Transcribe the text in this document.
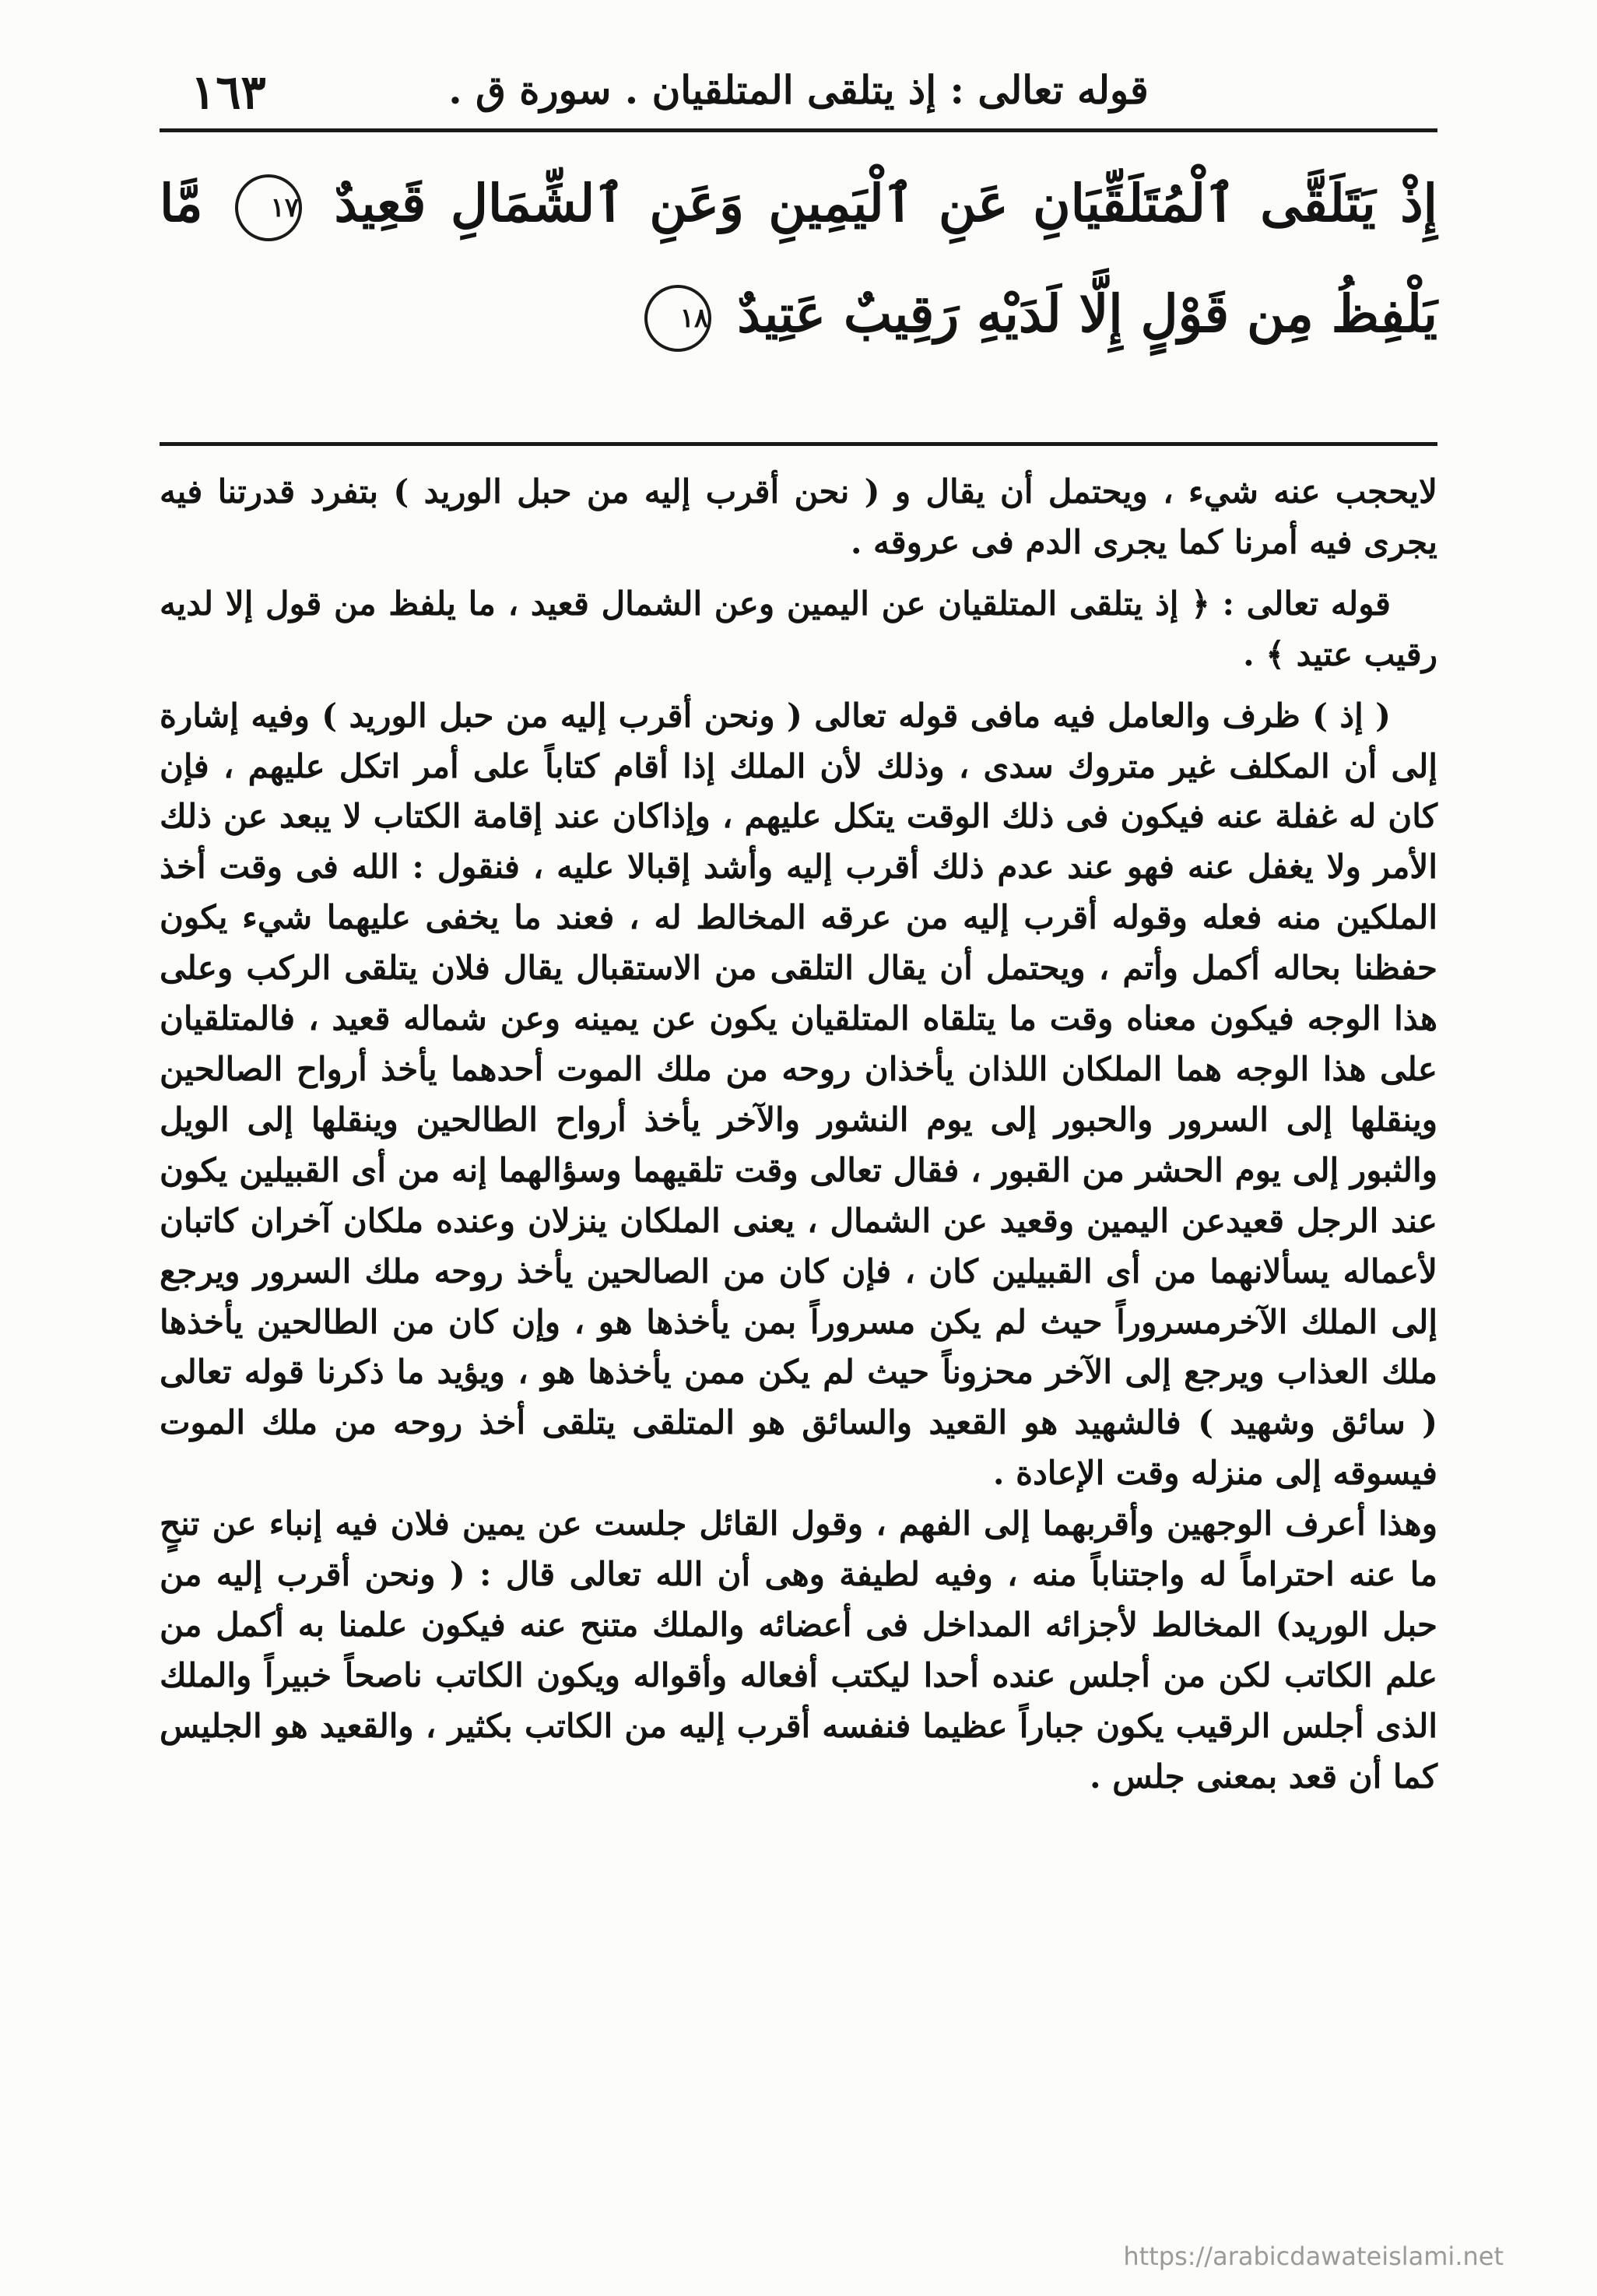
قوله تعالى : إذ يتلقى المتلقيان . سورة ق .
١٦٣
إِذْ يَتَلَقَّى ٱلْمُتَلَقِّيَانِ عَنِ ٱلْيَمِينِ وَعَنِ ٱلشِّمَالِ قَعِيدٌ ١٧ مَّا يَلْفِظُ مِن قَوْلٍ إِلَّا لَدَيْهِ رَقِيبٌ عَتِيدٌ ١٨

لايحجب عنه شيء ، ويحتمل أن يقال و ( نحن أقرب إليه من حبل الوريد ) بتفرد قدرتنا فيه يجرى فيه أمرنا كما يجرى الدم فى عروقه .

قوله تعالى : ﴿ إذ يتلقى المتلقيان عن اليمين وعن الشمال قعيد ، ما يلفظ من قول إلا لديه رقيب عتيد ﴾ .

( إذ ) ظرف والعامل فيه مافى قوله تعالى ( ونحن أقرب إليه من حبل الوريد ) وفيه إشارة إلى أن المكلف غير متروك سدى ، وذلك لأن الملك إذا أقام كتاباً على أمر اتكل عليهم ، فإن كان له غفلة عنه فيكون فى ذلك الوقت يتكل عليهم ، وإذاكان عند إقامة الكتاب لا يبعد عن ذلك الأمر ولا يغفل عنه فهو عند عدم ذلك أقرب إليه وأشد إقبالا عليه ، فنقول : الله فى وقت أخذ الملكين منه فعله وقوله أقرب إليه من عرقه المخالط له ، فعند ما يخفى عليهما شيء يكون حفظنا بحاله أكمل وأتم ، ويحتمل أن يقال التلقى من الاستقبال يقال فلان يتلقى الركب وعلى هذا الوجه فيكون معناه وقت ما يتلقاه المتلقيان يكون عن يمينه وعن شماله قعيد ، فالمتلقيان على هذا الوجه هما الملكان اللذان يأخذان روحه من ملك الموت أحدهما يأخذ أرواح الصالحين وينقلها إلى السرور والحبور إلى يوم النشور والآخر يأخذ أرواح الطالحين وينقلها إلى الويل والثبور إلى يوم الحشر من القبور ، فقال تعالى وقت تلقيهما وسؤالهما إنه من أى القبيلين يكون عند الرجل قعيدعن اليمين وقعيد عن الشمال ، يعنى الملكان ينزلان وعنده ملكان آخران كاتبان لأعماله يسألانهما من أى القبيلين كان ، فإن كان من الصالحين يأخذ روحه ملك السرور ويرجع إلى الملك الآخرمسروراً حيث لم يكن مسروراً بمن يأخذها هو ، وإن كان من الطالحين يأخذها ملك العذاب ويرجع إلى الآخر محزوناً حيث لم يكن ممن يأخذها هو ، ويؤيد ما ذكرنا قوله تعالى ( سائق وشهيد ) فالشهيد هو القعيد والسائق هو المتلقى يتلقى أخذ روحه من ملك الموت فيسوقه إلى منزله وقت الإعادة .

وهذا أعرف الوجهين وأقربهما إلى الفهم ، وقول القائل جلست عن يمين فلان فيه إنباء عن تنحٍ ما عنه احتراماً له واجتناباً منه ، وفيه لطيفة وهى أن الله تعالى قال : ( ونحن أقرب إليه من حبل الوريد) المخالط لأجزائه المداخل فى أعضائه والملك متنح عنه فيكون علمنا به أكمل من علم الكاتب لكن من أجلس عنده أحدا ليكتب أفعاله وأقواله ويكون الكاتب ناصحاً خبيراً والملك الذى أجلس الرقيب يكون جباراً عظيما فنفسه أقرب إليه من الكاتب بكثير ، والقعيد هو الجليس كما أن قعد بمعنى جلس .

https://arabicdawateislami.net
